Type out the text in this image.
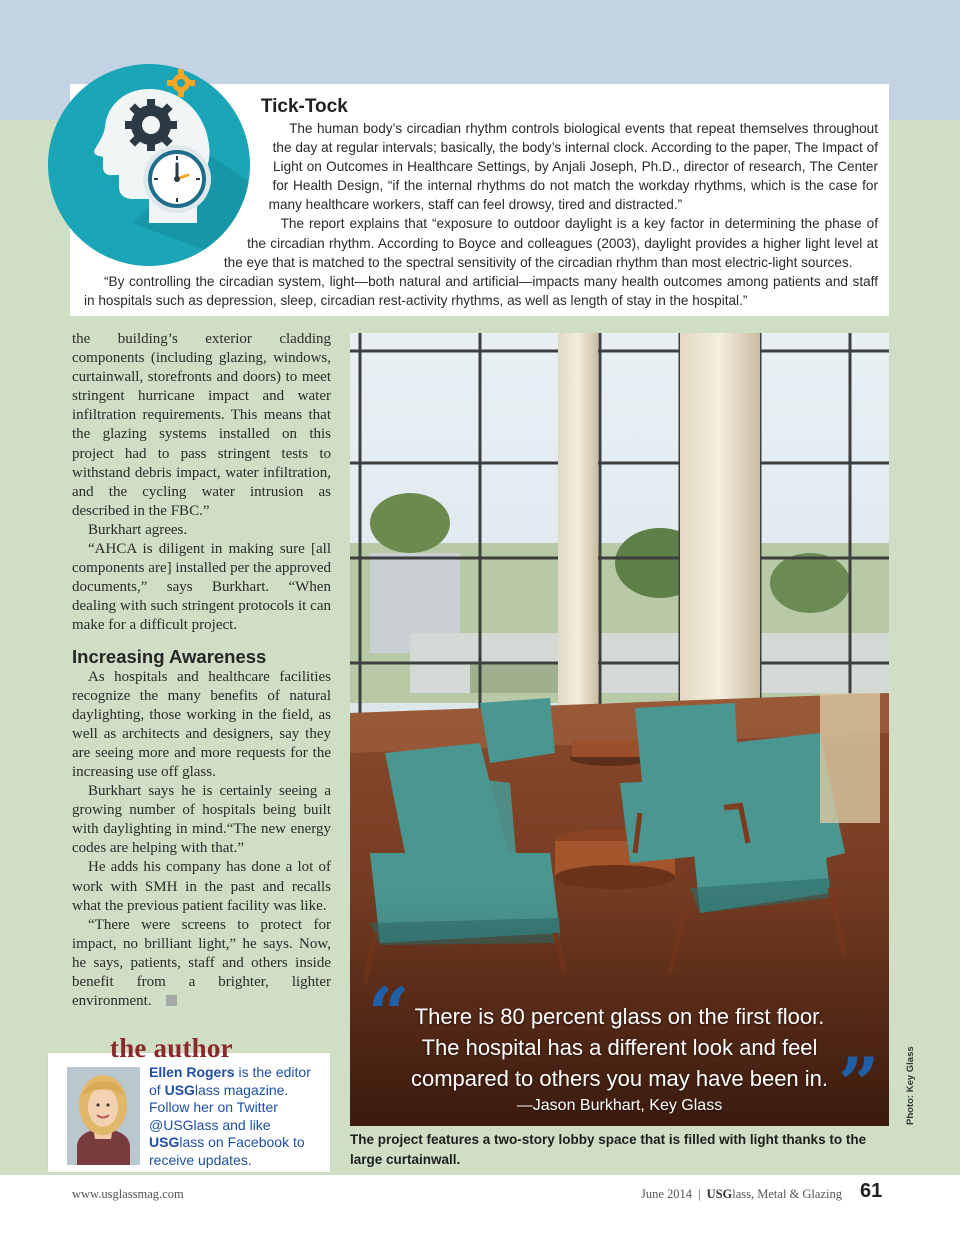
Tick-Tock

The human body’s circadian rhythm controls biological events that repeat themselves throughout the day at regular intervals; basically, the body’s internal clock. According to the paper, The Impact of Light on Outcomes in Healthcare Settings, by Anjali Joseph, Ph.D., director of research, The Center for Health Design, “if the internal rhythms do not match the workday rhythms, which is the case for many healthcare workers, staff can feel drowsy, tired and distracted.”

The report explains that “exposure to outdoor daylight is a key factor in determining the phase of the circadian rhythm. According to Boyce and colleagues (2003), daylight provides a higher light level at the eye that is matched to the spectral sensitivity of the circadian rhythm than most electric-light sources.

“By controlling the circadian system, light—both natural and artificial—impacts many health outcomes among patients and staff in hospitals such as depression, sleep, circadian rest-activity rhythms, as well as length of stay in the hospital.”

the building’s exterior cladding components (including glazing, windows, curtainwall, storefronts and doors) to meet stringent hurricane impact and water infiltration requirements. This means that the glazing systems installed on this project had to pass stringent tests to withstand debris impact, water infiltration, and the cycling water intrusion as described in the FBC.”

Burkhart agrees.

“AHCA is diligent in making sure [all components are] installed per the approved documents,” says Burkhart. “When dealing with such stringent protocols it can make for a difficult project.

Increasing Awareness

As hospitals and healthcare facilities recognize the many benefits of natural daylighting, those working in the field, as well as architects and designers, say they are seeing more and more requests for the increasing use off glass.

Burkhart says he is certainly seeing a growing number of hospitals being built with daylighting in mind.“The new energy codes are helping with that.”

He adds his company has done a lot of work with SMH in the past and recalls what the previous patient facility was like.

“There were screens to protect for impact, no brilliant light,” he says. Now, he says, patients, staff and others inside benefit from a brighter, lighter environment.

Ellen Rogers is the editor
of USGlass magazine.
Follow her on Twitter
@USGlass and like
USGlass on Facebook to
receive updates.
the author “
”
There is 80 percent glass on the first floor.
The hospital has a different look and feel
compared to others you may have been in.
—Jason Burkhart, Key Glass	Photo: Key Glass
The project features a two-story lobby space that is filled with light thanks to the large curtainwall.
www.usglassmag.com	June 2014 | USGlass, Metal & Glazing 61
